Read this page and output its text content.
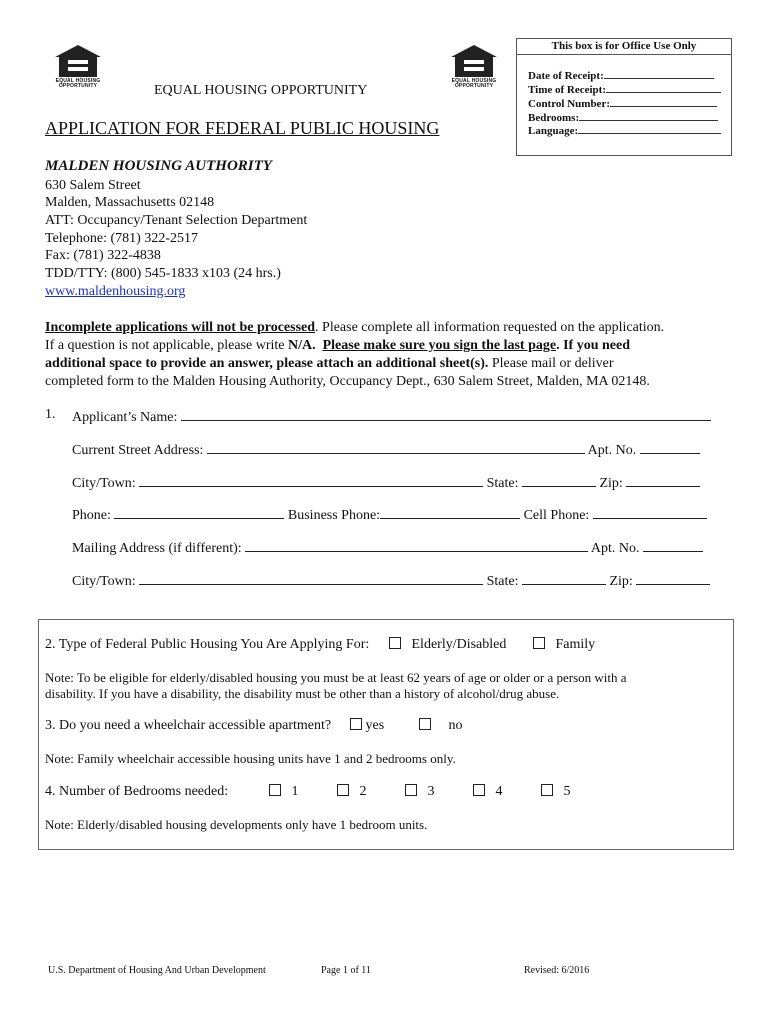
EQUAL HOUSING
OPPORTUNITY
EQUAL HOUSING
OPPORTUNITY
This box is for Office Use Only
Date of Receipt:
Time of Receipt:
Control Number:
Bedrooms:
Language:
EQUAL HOUSING OPPORTUNITY
APPLICATION FOR FEDERAL PUBLIC HOUSING
MALDEN HOUSING AUTHORITY
630 Salem Street
Malden, Massachusetts 02148
ATT: Occupancy/Tenant Selection Department
Telephone: (781) 322-2517
Fax: (781) 322-4838
TDD/TTY: (800) 545-1833 x103 (24 hrs.)
www.maldenhousing.org
Incomplete applications will not be processed. Please complete all information requested on the application.
If a question is not applicable, please write N/A. Please make sure you sign the last page. If you need
additional space to provide an answer, please attach an additional sheet(s). Please mail or deliver
completed form to the Malden Housing Authority, Occupancy Dept., 630 Salem Street, Malden, MA 02148.
1. Applicant’s Name:
Current Street Address:	Apt. No.
City/Town:	State:	Zip:
Phone:	Business Phone:	Cell Phone:
Mailing Address (if different):	Apt. No.
City/Town:	State:	Zip:
2. Type of Federal Public Housing You Are Applying For:	Elderly/Disabled	Family
Note: To be eligible for elderly/disabled housing you must be at least 62 years of age or older or a person with a
disability. If you have a disability, the disability must be other than a history of alcohol/drug abuse.
3. Do you need a wheelchair accessible apartment?	yes	no
Note: Family wheelchair accessible housing units have 1 and 2 bedrooms only.
4. Number of Bedrooms needed:	1	2	3	4	5
Note: Elderly/disabled housing developments only have 1 bedroom units.
U.S. Department of Housing And Urban Development	Page 1 of 11	Revised: 6/2016
